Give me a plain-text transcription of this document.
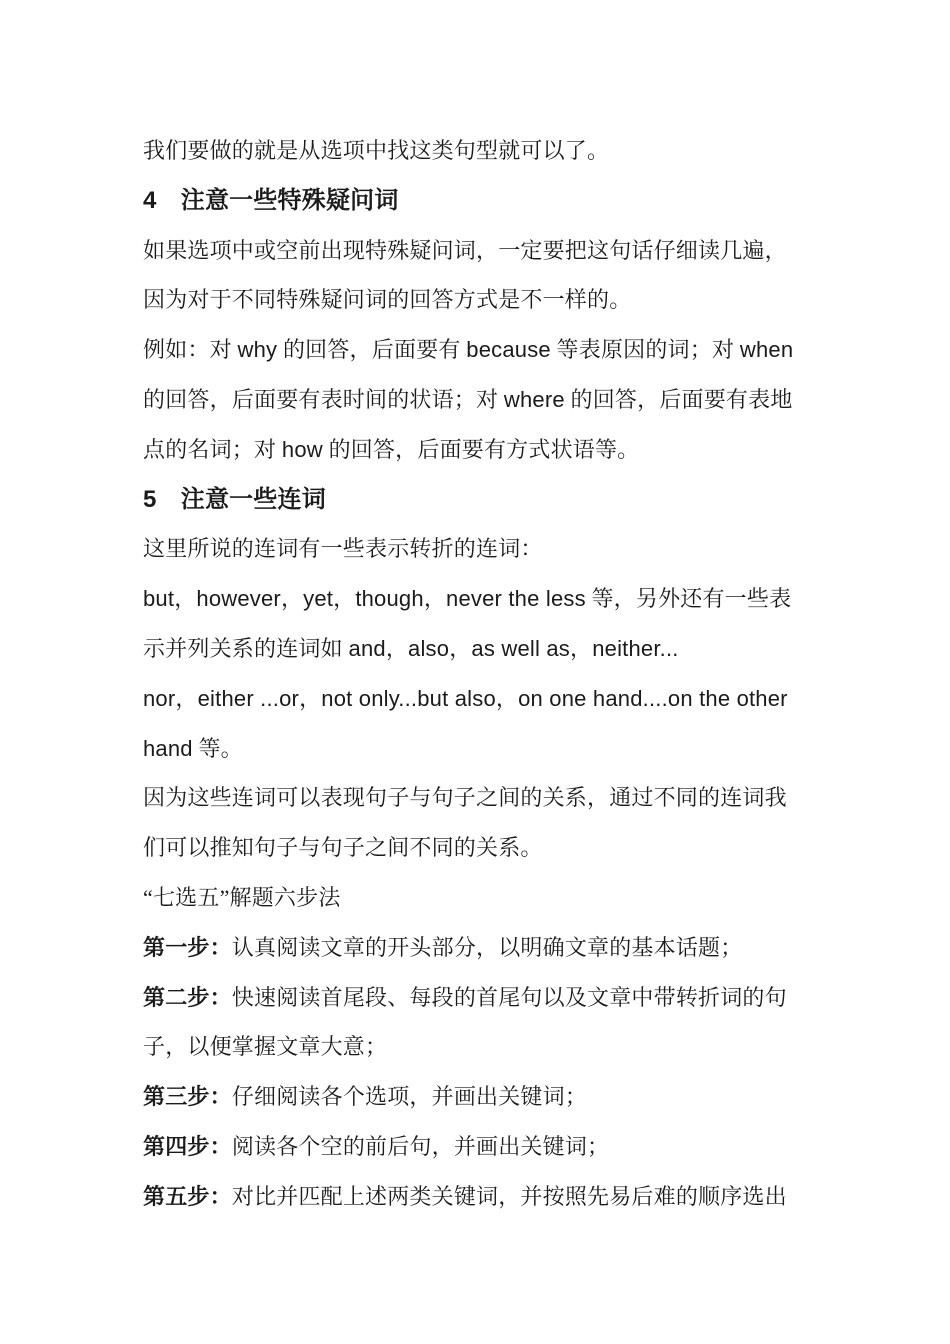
我们要做的就是从选项中找这类句型就可以了。
4　注意一些特殊疑问词
如果选项中或空前出现特殊疑问词，一定要把这句话仔细读几遍，
因为对于不同特殊疑问词的回答方式是不一样的。
例如：对 why 的回答，后面要有 because 等表原因的词；对 when
的回答，后面要有表时间的状语；对 where 的回答，后面要有表地
点的名词；对 how 的回答，后面要有方式状语等。
5　注意一些连词
这里所说的连词有一些表示转折的连词：
but，however，yet，though，never the less 等，另外还有一些表
示并列关系的连词如 and，also，as well as，neither...
nor，either ...or，not only...but also，on one hand....on the other
hand 等。
因为这些连词可以表现句子与句子之间的关系，通过不同的连词我
们可以推知句子与句子之间不同的关系。
“七选五”解题六步法
第一步：认真阅读文章的开头部分，以明确文章的基本话题；
第二步：快速阅读首尾段、每段的首尾句以及文章中带转折词的句
子，以便掌握文章大意；
第三步：仔细阅读各个选项，并画出关键词；
第四步：阅读各个空的前后句，并画出关键词；
第五步：对比并匹配上述两类关键词，并按照先易后难的顺序选出
